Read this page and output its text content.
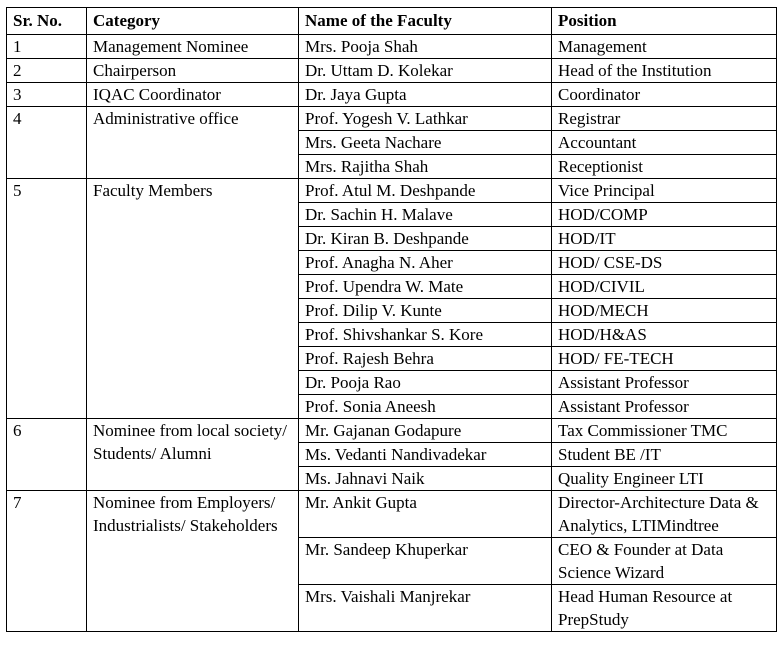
Sr. No.	Category	Name of the Faculty	Position
1	Management Nominee	Mrs. Pooja Shah	Management
2	Chairperson	Dr. Uttam D. Kolekar	Head of the Institution
3	IQAC Coordinator	Dr. Jaya Gupta	Coordinator
4	Administrative office	Prof. Yogesh V. Lathkar	Registrar
		Mrs. Geeta Nachare	Accountant
		Mrs. Rajitha Shah	Receptionist
5	Faculty Members	Prof. Atul M. Deshpande	Vice Principal
		Dr. Sachin H. Malave	HOD/COMP
		Dr. Kiran B. Deshpande	HOD/IT
		Prof. Anagha N. Aher	HOD/ CSE-DS
		Prof. Upendra W. Mate	HOD/CIVIL
		Prof. Dilip V. Kunte	HOD/MECH
		Prof. Shivshankar S. Kore	HOD/H&AS
		Prof. Rajesh Behra	HOD/ FE-TECH
		Dr. Pooja Rao	Assistant Professor
		Prof. Sonia Aneesh	Assistant Professor
6	Nominee from local society/ Students/ Alumni	Mr. Gajanan Godapure	Tax Commissioner TMC
		Ms. Vedanti Nandivadekar	Student BE /IT
		Ms. Jahnavi Naik	Quality Engineer LTI
7	Nominee from Employers/ Industrialists/ Stakeholders	Mr. Ankit Gupta	Director-Architecture Data & Analytics, LTIMindtree
		Mr. Sandeep Khuperkar	CEO & Founder at Data Science Wizard
		Mrs. Vaishali Manjrekar	Head Human Resource at PrepStudy
